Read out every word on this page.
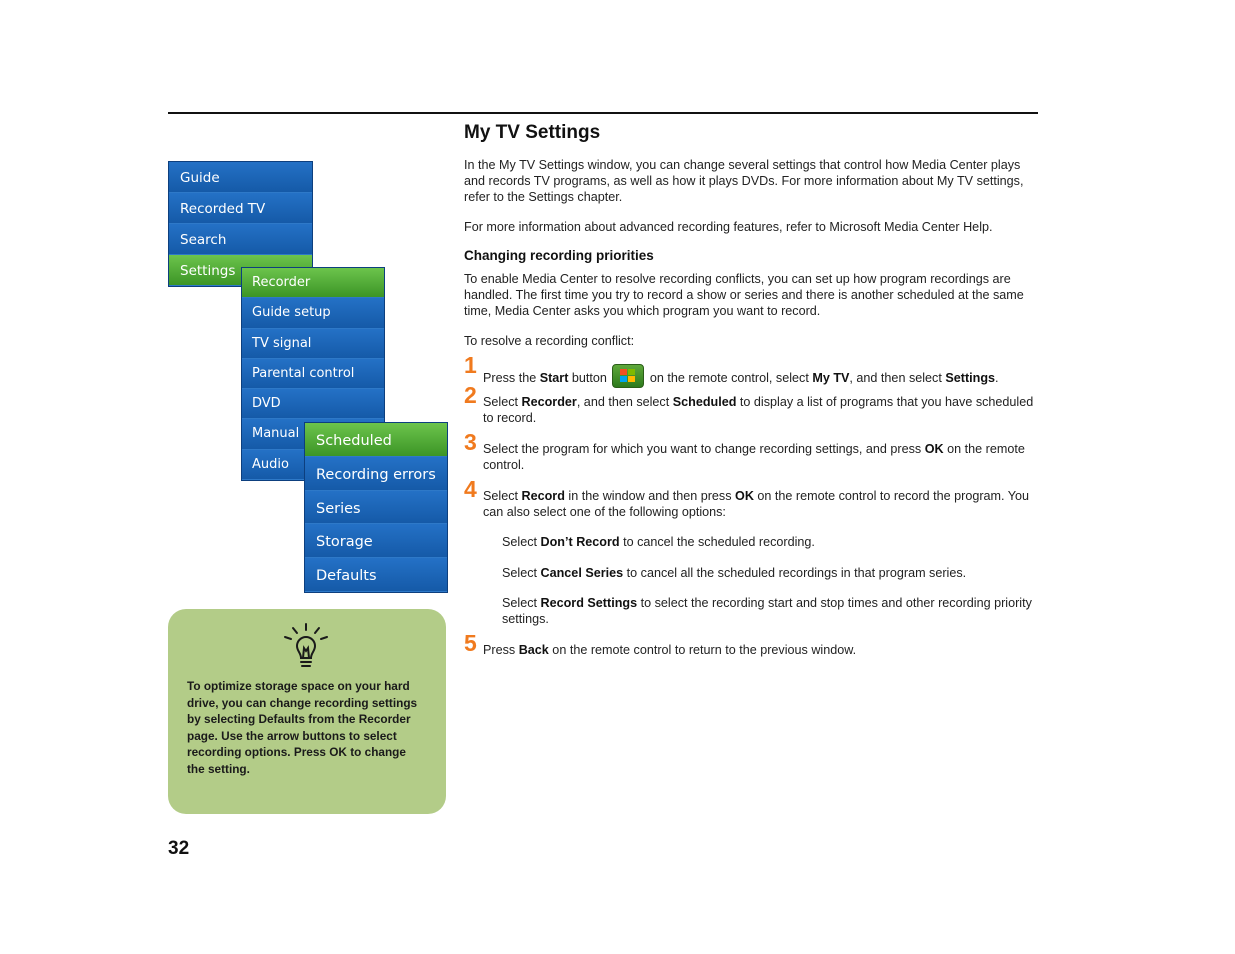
My TV Settings
In the My TV Settings window, you can change several settings that control how Media Center plays and records TV programs, as well as how it plays DVDs. For more information about My TV settings, refer to the Settings chapter.
For more information about advanced recording features, refer to Microsoft Media Center Help.
Changing recording priorities
To enable Media Center to resolve recording conflicts, you can set up how program recordings are handled. The first time you try to record a show or series and there is another scheduled at the same time, Media Center asks you which program you want to record.
To resolve a recording conflict:
1 Press the Start button	on the remote control, select My TV, and then select Settings.
2 Select Recorder, and then select Scheduled to display a list of programs that you have scheduled to record.
3 Select the program for which you want to change recording settings, and press OK on the remote control.
4 Select Record in the window and then press OK on the remote control to record the program. You can also select one of the following options:
Select Don’t Record to cancel the scheduled recording.
Select Cancel Series to cancel all the scheduled recordings in that program series.
Select Record Settings to select the recording start and stop times and other recording priority settings.
5 Press Back on the remote control to return to the previous window.
Guide
Recorded TV
Search
Settings
Recorder
Guide setup
TV signal
Parental control
DVD
Manual
Audio
Scheduled
Recording errors
Series
Storage
Defaults
To optimize storage space on your hard drive, you can change recording settings by selecting Defaults from the Recorder page. Use the arrow buttons to select recording options. Press OK to change the setting.
32
